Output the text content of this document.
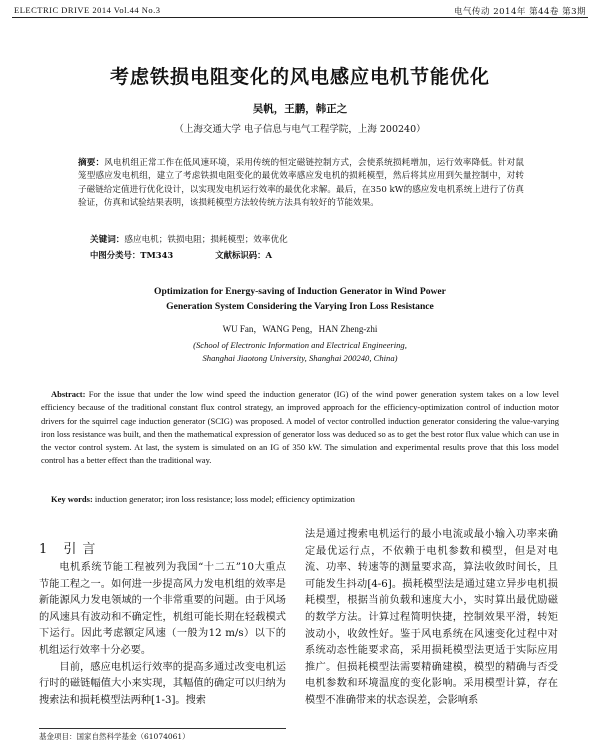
ELECTRIC DRIVE 2014 Vol.44 No.3	电气传动 2014年 第44卷 第3期
考虑铁损电阻变化的风电感应电机节能优化
吴帆，王鹏，韩正之
（上海交通大学 电子信息与电气工程学院，上海 200240）
摘要：风电机组正常工作在低风速环境，采用传统的恒定磁链控制方式，会使系统损耗增加，运行效率降低。针对鼠笼型感应发电机组，建立了考虑铁损电阻变化的最优效率感应发电机的损耗模型，然后将其应用到矢量控制中，对转子磁链给定值进行优化设计，以实现发电机运行效率的最优化求解。最后，在350 kW的感应发电机系统上进行了仿真验证，仿真和试验结果表明，该损耗模型方法较传统方法具有较好的节能效果。
关键词：感应电机；铁损电阻；损耗模型；效率优化
中图分类号：TM343	文献标识码：A
Optimization for Energy-saving of Induction Generator in Wind Power
Generation System Considering the Varying Iron Loss Resistance
WU Fan，WANG Peng，HAN Zheng-zhi
(School of Electronic Information and Electrical Engineering,
Shanghai Jiaotong University, Shanghai 200240, China)
Abstract: For the issue that under the low wind speed the induction generator (IG) of the wind power generation system takes on a low level efficiency because of the traditional constant flux control strategy, an improved approach for the efficiency-optimization control of induction motor drivers for the squirrel cage induction generator (SCIG) was proposed. A model of vector controlled induction generator considering the value-varying iron loss resistance was built, and then the mathematical expression of generator loss was deduced so as to get the best rotor flux value which can use in the vector control system. At last, the system is simulated on an IG of 350 kW. The simulation and experimental results prove that this loss model control has a better effect than the traditional way.
Key words: induction generator; iron loss resistance; loss model; efficiency optimization
1 引言

电机系统节能工程被列为我国“十二五”10大重点节能工程之一。如何进一步提高风力发电机组的效率是新能源风力发电领域的一个非常重要的问题。由于风场的风速具有波动和不确定性，机组可能长期在轻载模式下运行。因此考虑额定风速（一般为12 m/s）以下的机组运行效率十分必要。

目前，感应电机运行效率的提高多通过改变电机运行时的磁链幅值大小来实现，其幅值的确定可以归纳为搜索法和损耗模型法两种[1-3]。搜索

法是通过搜索电机运行的最小电流或最小输入功率来确定最优运行点，不依赖于电机参数和模型，但是对电流、功率、转速等的测量要求高，算法收敛时间长，且可能发生抖动[4-6]。损耗模型法是通过建立异步电机损耗模型，根据当前负载和速度大小，实时算出最优励磁的数学方法。计算过程简明快捷，控制效果平滑，转矩波动小，收敛性好。鉴于风电系统在风速变化过程中对系统动态性能要求高，采用损耗模型法更适于实际应用推广。但损耗模型法需要精确建模，模型的精确与否受电机参数和环境温度的变化影响。采用模型计算，存在模型不准确带来的状态误差，会影响系

基金项目：国家自然科学基金（61074061）
